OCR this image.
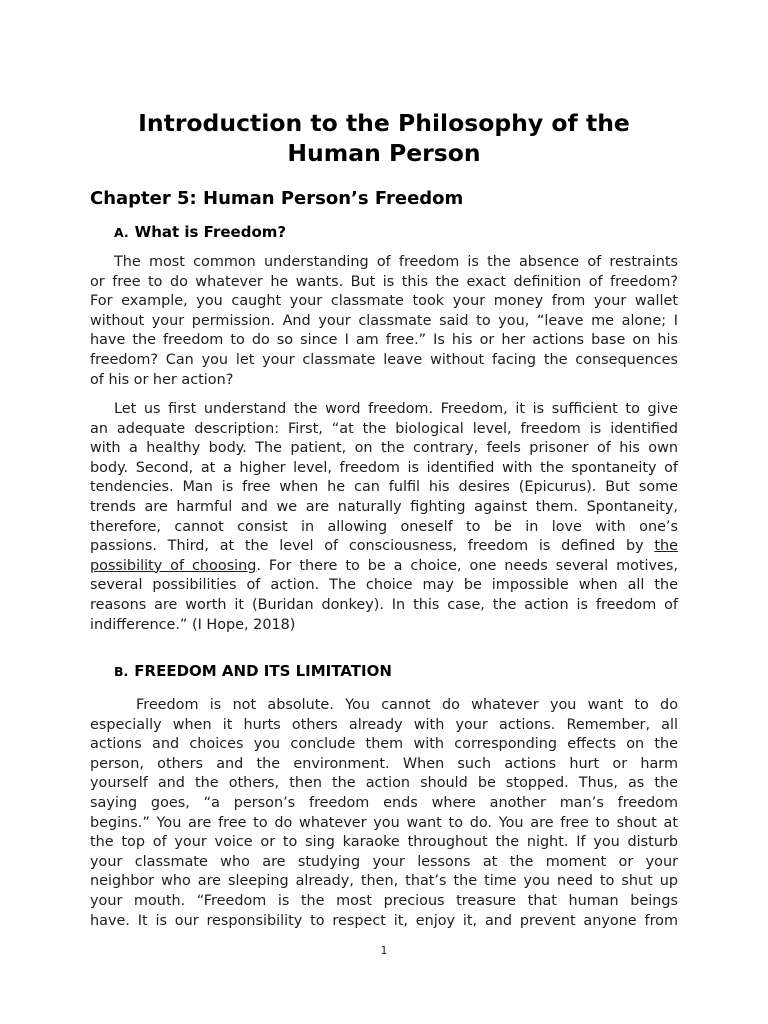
Introduction to the Philosophy of the
Human Person
Chapter 5: Human Person’s Freedom
A. What is Freedom?
The most common understanding of freedom is the absence of restraints
or free to do whatever he wants. But is this the exact definition of freedom?
For example, you caught your classmate took your money from your wallet
without your permission. And your classmate said to you, “leave me alone; I
have the freedom to do so since I am free.” Is his or her actions base on his
freedom? Can you let your classmate leave without facing the consequences
of his or her action?
Let us first understand the word freedom. Freedom, it is sufficient to give
an adequate description: First, “at the biological level, freedom is identified
with a healthy body. The patient, on the contrary, feels prisoner of his own
body. Second, at a higher level, freedom is identified with the spontaneity of
tendencies. Man is free when he can fulfil his desires (Epicurus). But some
trends are harmful and we are naturally fighting against them. Spontaneity,
therefore, cannot consist in allowing oneself to be in love with one’s
passions. Third, at the level of consciousness, freedom is defined by the
possibility of choosing. For there to be a choice, one needs several motives,
several possibilities of action. The choice may be impossible when all the
reasons are worth it (Buridan donkey). In this case, the action is freedom of
indifference.” (I Hope, 2018)
B. FREEDOM AND ITS LIMITATION
Freedom is not absolute. You cannot do whatever you want to do
especially when it hurts others already with your actions. Remember, all
actions and choices you conclude them with corresponding effects on the
person, others and the environment. When such actions hurt or harm
yourself and the others, then the action should be stopped. Thus, as the
saying goes, “a person’s freedom ends where another man’s freedom
begins.” You are free to do whatever you want to do. You are free to shout at
the top of your voice or to sing karaoke throughout the night. If you disturb
your classmate who are studying your lessons at the moment or your
neighbor who are sleeping already, then, that’s the time you need to shut up
your mouth. “Freedom is the most precious treasure that human beings
have. It is our responsibility to respect it, enjoy it, and prevent anyone from
1
